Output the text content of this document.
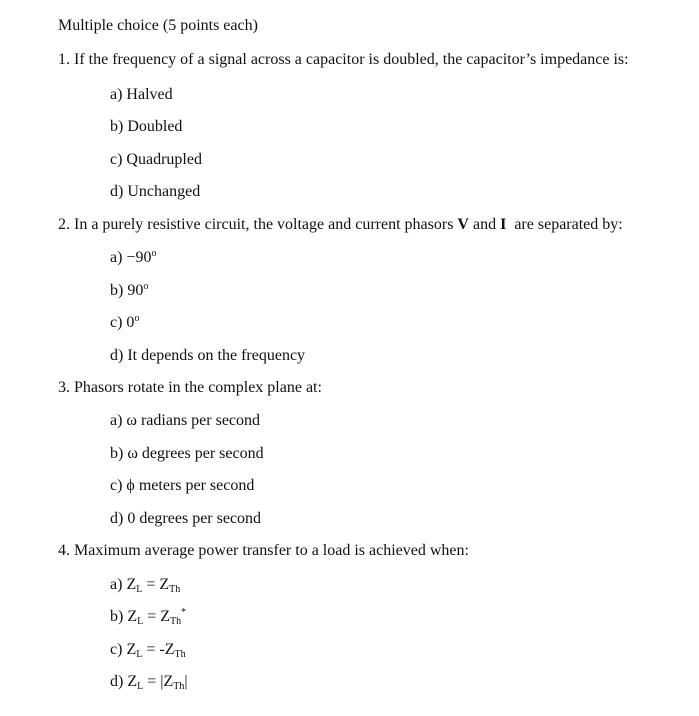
Multiple choice (5 points each)
1. If the frequency of a signal across a capacitor is doubled, the capacitor’s impedance is:
a) Halved
b) Doubled
c) Quadrupled
d) Unchanged
2. In a purely resistive circuit, the voltage and current phasors V and I  are separated by:
$a) -90^o$
b) 90$^o$
c) 0$^o$
d) It depends on the frequency
3. Phasors rotate in the complex plane at:
a) ω radians per second
b) ω degrees per second
c) ϕ meters per second
d) 0 degrees per second
4. Maximum average power transfer to a load is achieved when:
a) ZL = ZTh
b) ZL = ZTh*
c) ZL = -ZTh
d) ZL = |ZTh|
